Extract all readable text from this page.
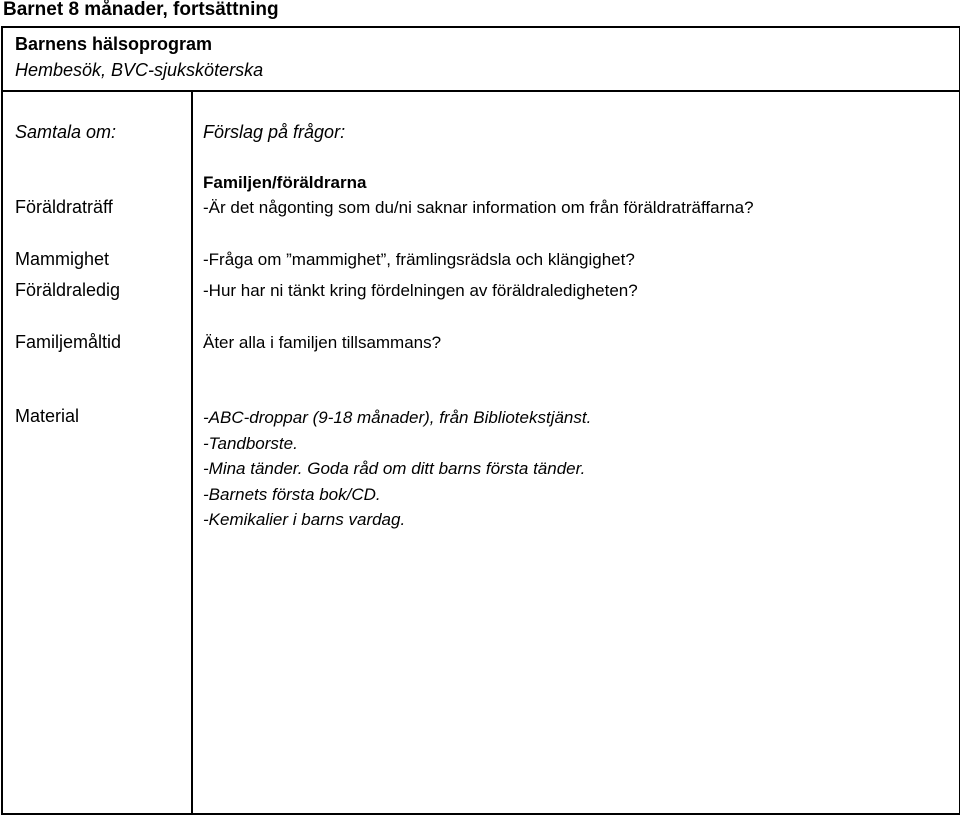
Barnet 8 månader, fortsättning
Barnens hälsoprogram
Hembesök, BVC-sjuksköterska
Samtala om:
Föräldraträff
Mammighet
Föräldraledig
Familjemåltid
Material
Förslag på frågor:
Familjen/föräldrarna
-Är det någonting som du/ni saknar information om från föräldraträffarna?
-Fråga om ”mammighet”, främlingsrädsla och klängighet?
-Hur har ni tänkt kring fördelningen av föräldraledigheten?
Äter alla i familjen tillsammans?
-ABC-droppar (9-18 månader), från Bibliotekstjänst.
-Tandborste.
-Mina tänder. Goda råd om ditt barns första tänder.
-Barnets första bok/CD.
-Kemikalier i barns vardag.
